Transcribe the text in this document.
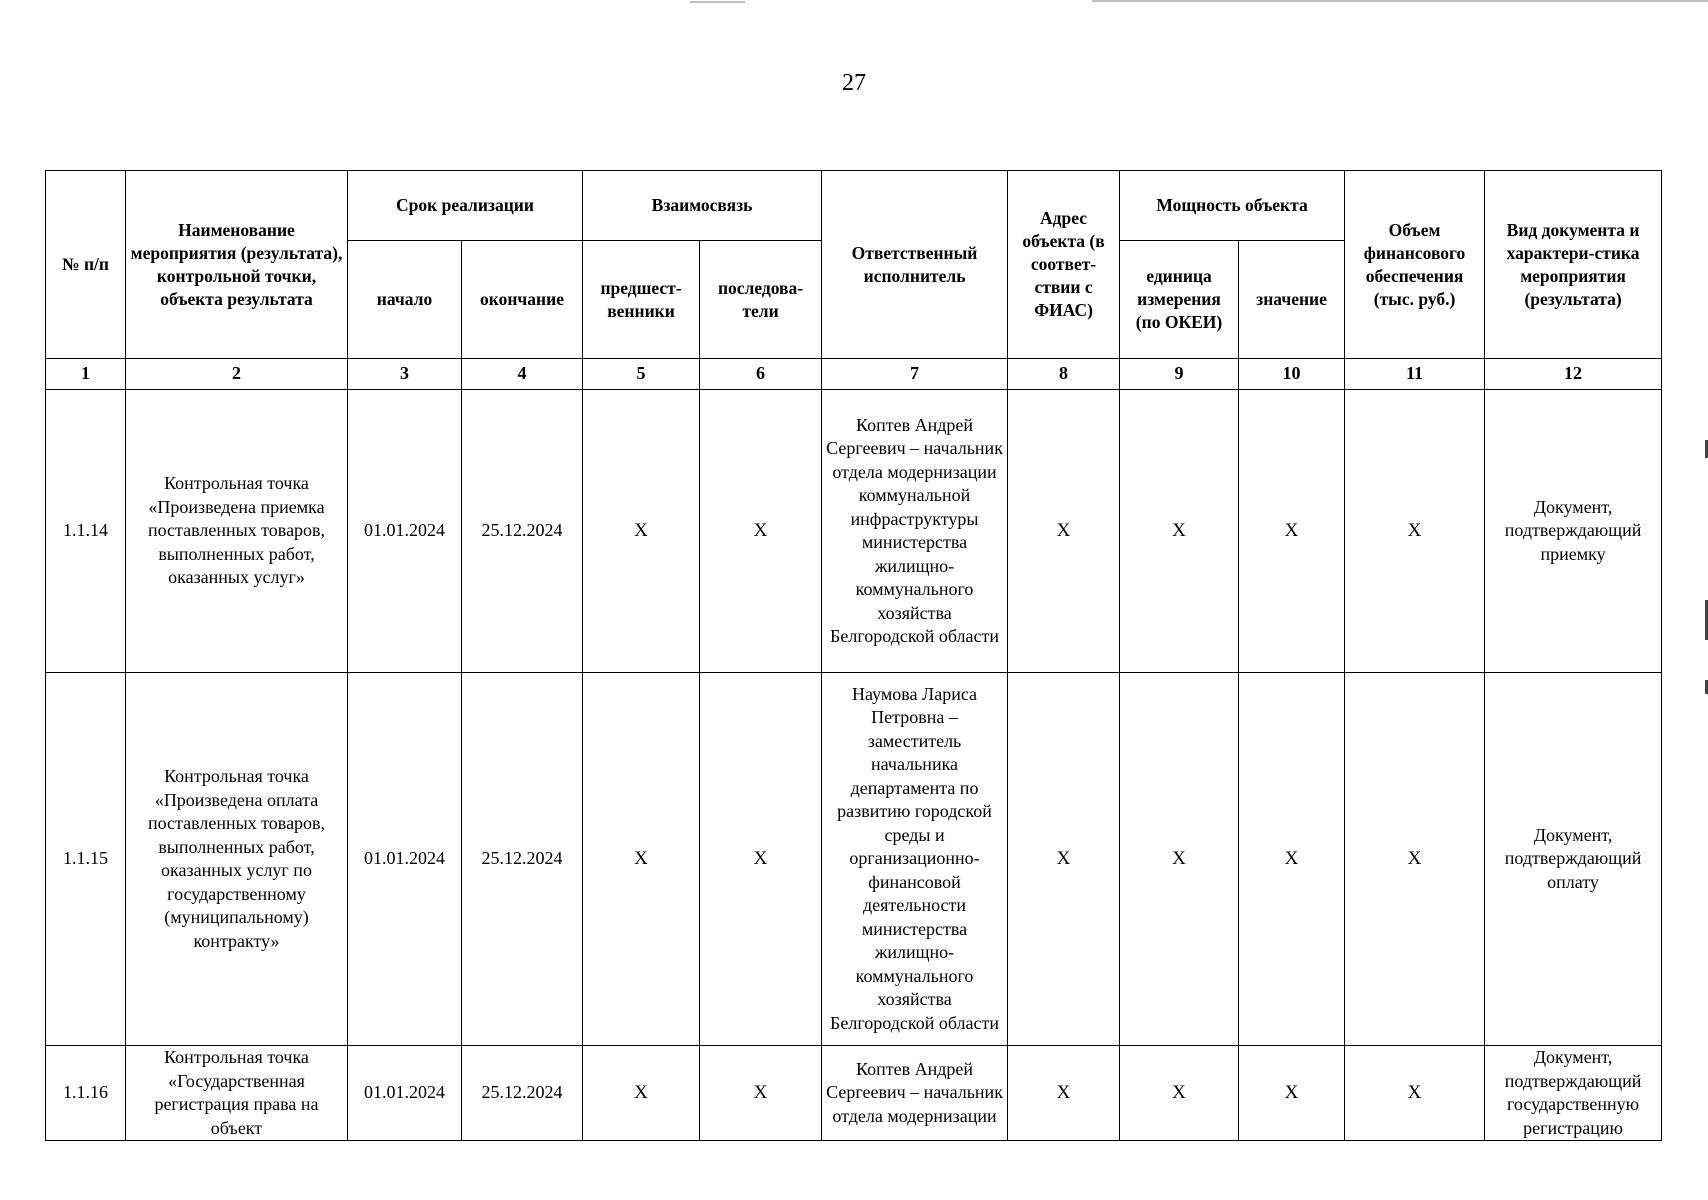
27
№ п/п	Наименование мероприятия (результата), контрольной точки, объекта результата	Срок реализации		Взаимосвязь		Ответственный исполнитель	Адрес объекта (в соответ-ствии с ФИАС)	Мощность объекта		Объем финансового обеспечения (тыс. руб.)	Вид документа и характери-стика мероприятия (результата)
		начало	окончание	предшест-венники	последова-тели			единица измерения (по ОКЕИ)	значение		
1	2	3	4	5	6	7	8	9	10	11	12
1.1.14	Контрольная точка «Произведена приемка поставленных товаров, выполненных работ, оказанных услуг»	01.01.2024	25.12.2024	X	X	Коптев Андрей Сергеевич – начальник отдела модернизации коммунальной инфраструктуры министерства жилищно-коммунального хозяйства Белгородской области	X	X	X	X	Документ, подтверждающий приемку
1.1.15	Контрольная точка «Произведена оплата поставленных товаров, выполненных работ, оказанных услуг по государственному (муниципальному) контракту»	01.01.2024	25.12.2024	X	X	Наумова Лариса Петровна – заместитель начальника департамента по развитию городской среды и организационно-финансовой деятельности министерства жилищно-коммунального хозяйства Белгородской области	X	X	X	X	Документ, подтверждающий оплату
1.1.16	Контрольная точка «Государственная регистрация права на объект	01.01.2024	25.12.2024	X	X	Коптев Андрей Сергеевич – начальник отдела модернизации	X	X	X	X	Документ, подтверждающий государственную регистрацию
